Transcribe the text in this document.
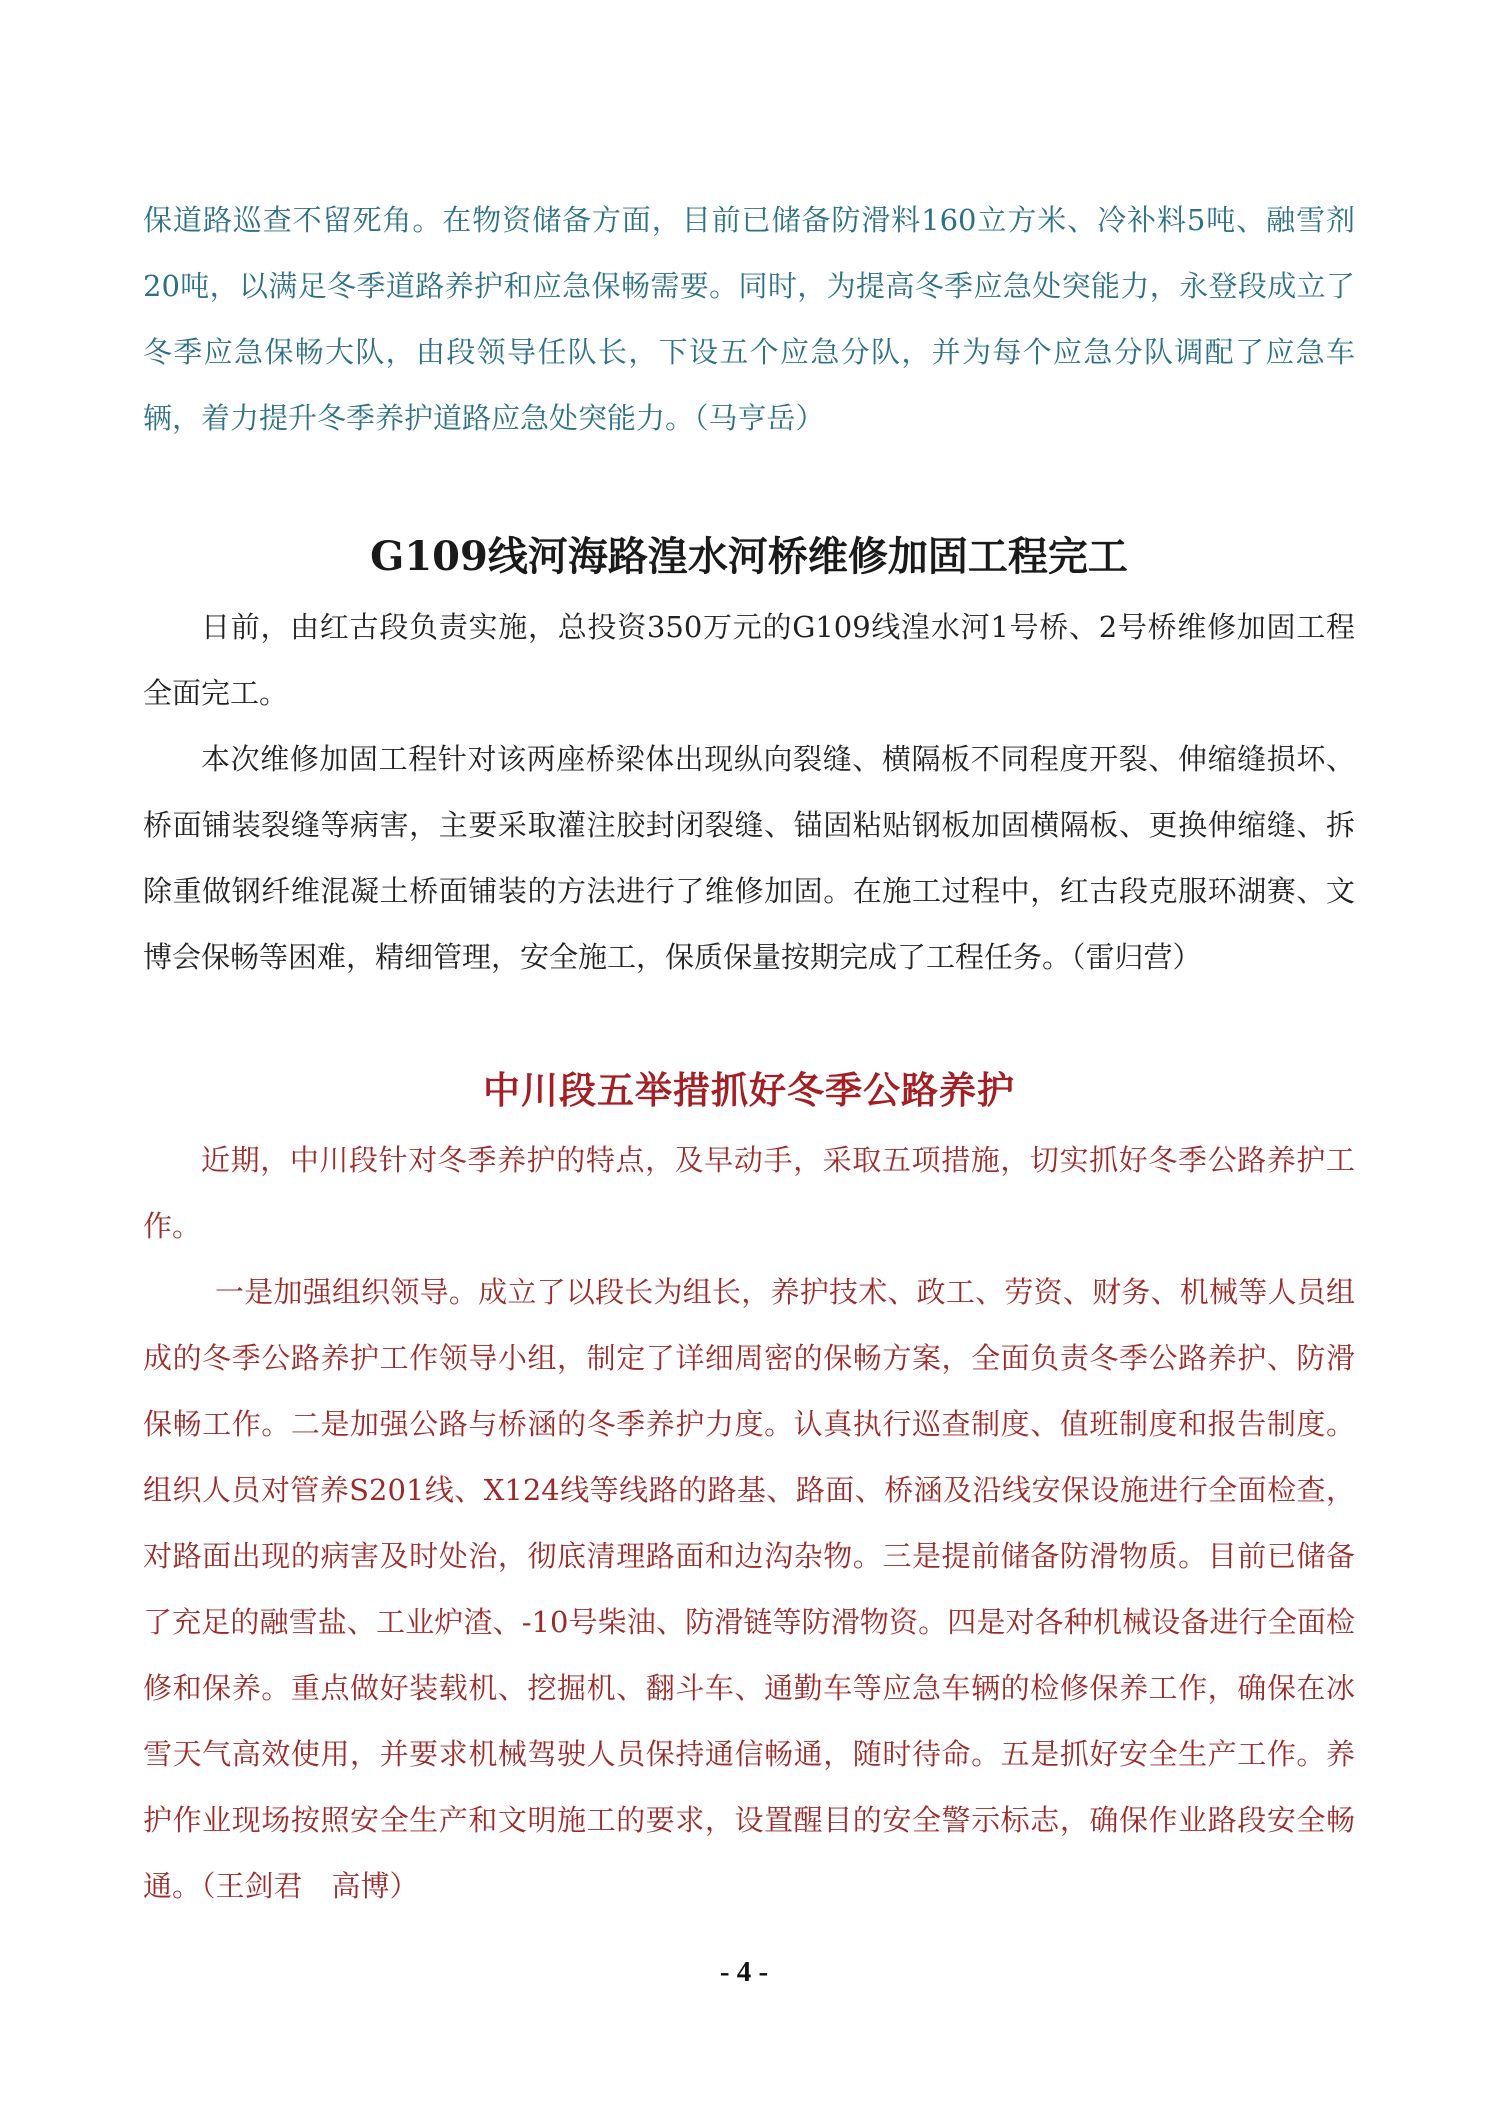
保道路巡查不留死角。在物资储备方面，目前已储备防滑料160立方米、冷补料5吨、融雪剂20吨，以满足冬季道路养护和应急保畅需要。同时，为提高冬季应急处突能力，永登段成立了冬季应急保畅大队，由段领导任队长，下设五个应急分队，并为每个应急分队调配了应急车辆，着力提升冬季养护道路应急处突能力。（马亨岳）

G109线河海路湟水河桥维修加固工程完工

日前，由红古段负责实施，总投资350万元的G109线湟水河1号桥、2号桥维修加固工程全面完工。

本次维修加固工程针对该两座桥梁体出现纵向裂缝、横隔板不同程度开裂、伸缩缝损坏、桥面铺装裂缝等病害，主要采取灌注胶封闭裂缝、锚固粘贴钢板加固横隔板、更换伸缩缝、拆除重做钢纤维混凝土桥面铺装的方法进行了维修加固。在施工过程中，红古段克服环湖赛、文博会保畅等困难，精细管理，安全施工，保质保量按期完成了工程任务。（雷归营）

中川段五举措抓好冬季公路养护

近期，中川段针对冬季养护的特点，及早动手，采取五项措施，切实抓好冬季公路养护工作。

一是加强组织领导。成立了以段长为组长，养护技术、政工、劳资、财务、机械等人员组成的冬季公路养护工作领导小组，制定了详细周密的保畅方案，全面负责冬季公路养护、防滑保畅工作。二是加强公路与桥涵的冬季养护力度。认真执行巡查制度、值班制度和报告制度。组织人员对管养S201线、X124线等线路的路基、路面、桥涵及沿线安保设施进行全面检查，对路面出现的病害及时处治，彻底清理路面和边沟杂物。三是提前储备防滑物质。目前已储备了充足的融雪盐、工业炉渣、-10号柴油、防滑链等防滑物资。四是对各种机械设备进行全面检修和保养。重点做好装载机、挖掘机、翻斗车、通勤车等应急车辆的检修保养工作，确保在冰雪天气高效使用，并要求机械驾驶人员保持通信畅通，随时待命。五是抓好安全生产工作。养护作业现场按照安全生产和文明施工的要求，设置醒目的安全警示标志，确保作业路段安全畅通。（王剑君　高博）

- 4 -
